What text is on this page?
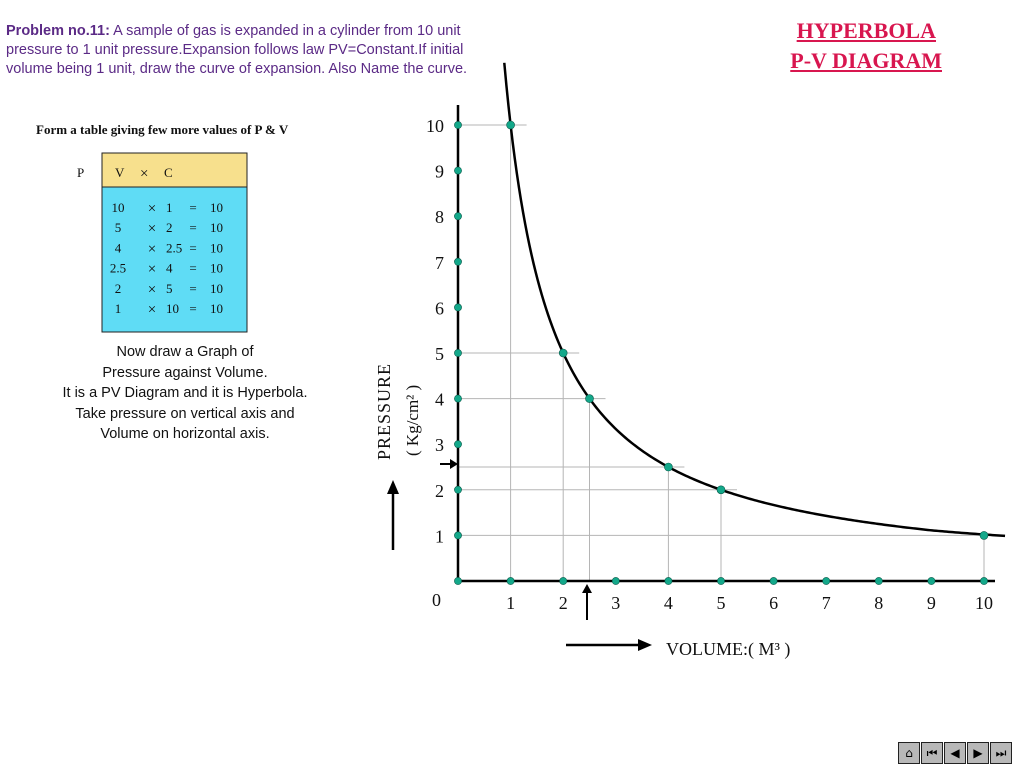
Problem no.11: A sample of gas is expanded in a cylinder from 10 unit pressure to 1 unit pressure.Expansion follows law PV=Constant.If initial volume being 1 unit, draw the curve of expansion. Also Name the curve.
HYPERBOLA
P-V DIAGRAM
Form a table giving few more values of P & V
P V × C
10 × 1 = 10
5 × 2 = 10
4 × 2.5 = 10
2.5 × 4 = 10
2 × 5 = 10
1 × 10 = 10
Now draw a Graph of
Pressure against Volume.
It is a PV Diagram and it is Hyperbola.
Take pressure on vertical axis and
Volume on horizontal axis.
1 2 3 4 5 6 7 8 9 10
1
2
3
4
5
6
7
8
9
10
0
PRESSURE ( Kg/cm² )
VOLUME:( M³ )
⌂	⏮	◀	▶	⏭
